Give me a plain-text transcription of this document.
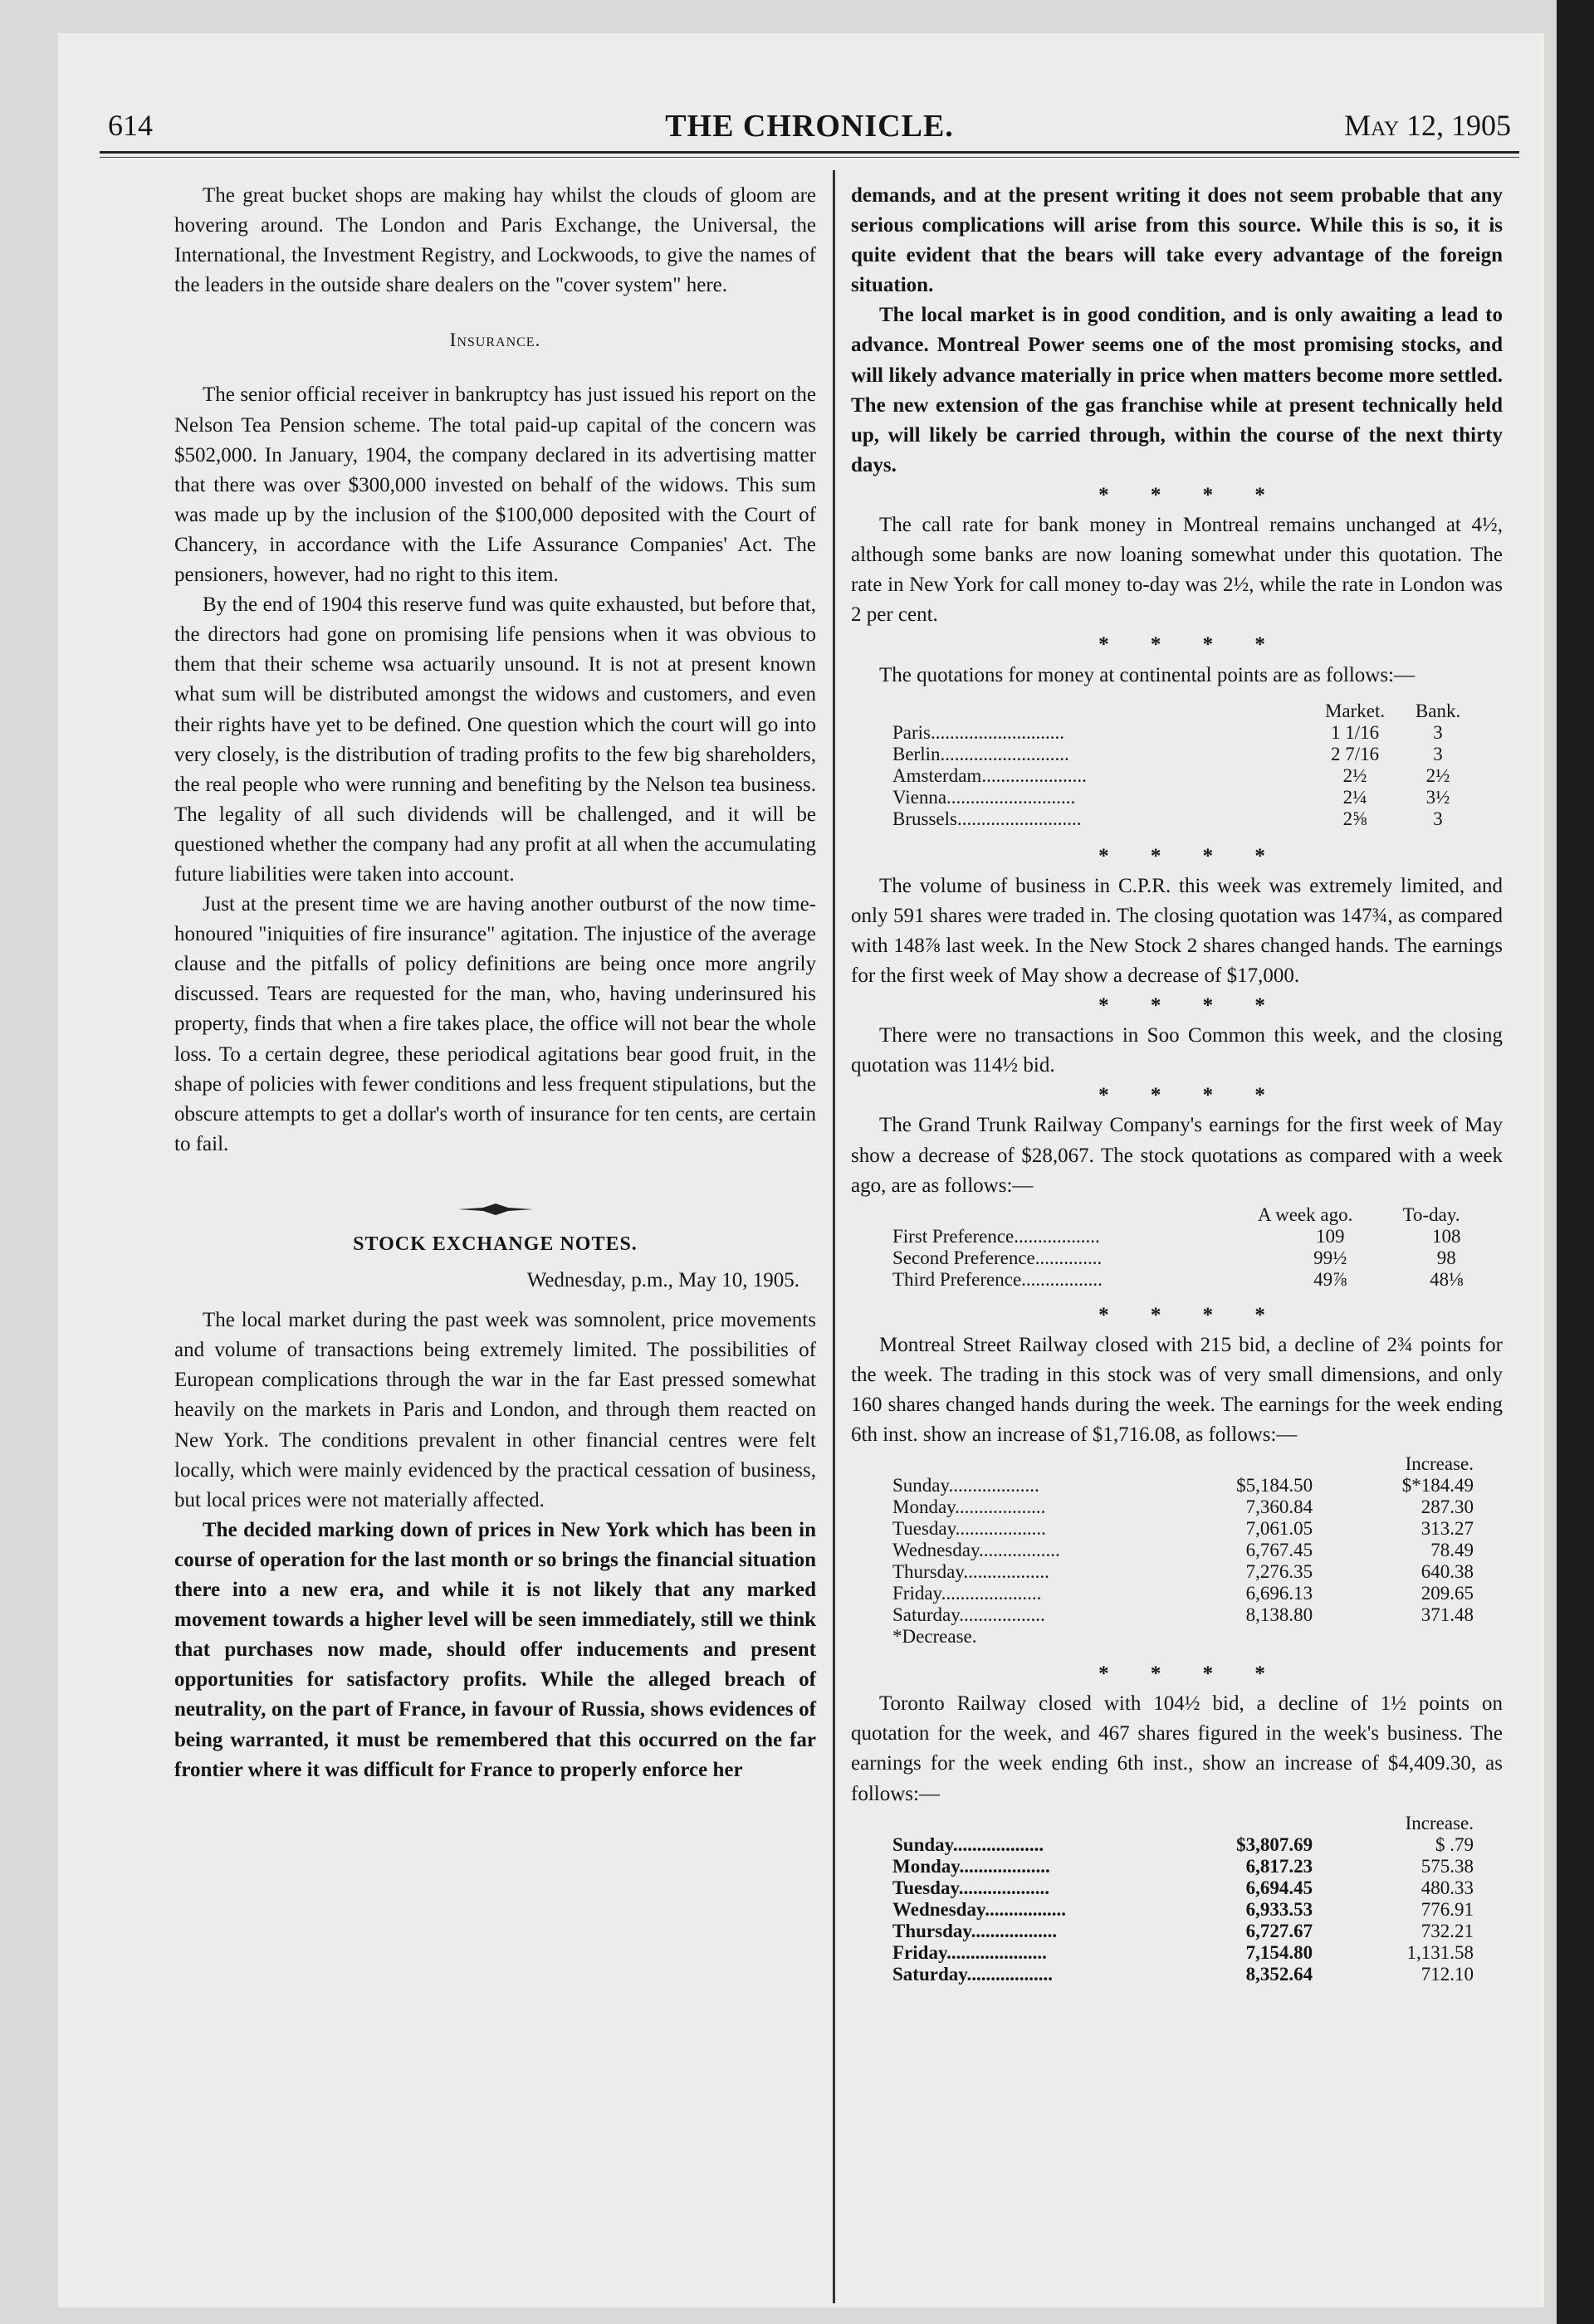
614	THE CHRONICLE.	May 12, 1905

The great bucket shops are making hay whilst the clouds of gloom are hovering around. The London and Paris Exchange, the Universal, the International, the Investment Registry, and Lockwoods, to give the names of the leaders in the outside share dealers on the "cover system" here.

Insurance.

The senior official receiver in bankruptcy has just issued his report on the Nelson Tea Pension scheme. The total paid-up capital of the concern was $502,000. In January, 1904, the company declared in its advertising matter that there was over $300,000 invested on behalf of the widows. This sum was made up by the inclusion of the $100,000 deposited with the Court of Chancery, in accordance with the Life Assurance Companies' Act. The pensioners, however, had no right to this item.

By the end of 1904 this reserve fund was quite exhausted, but before that, the directors had gone on promising life pensions when it was obvious to them that their scheme wsa actuarily unsound. It is not at present known what sum will be distributed amongst the widows and customers, and even their rights have yet to be defined. One question which the court will go into very closely, is the distribution of trading profits to the few big shareholders, the real people who were running and benefiting by the Nelson tea business. The legality of all such dividends will be challenged, and it will be questioned whether the company had any profit at all when the accumulating future liabilities were taken into account.

Just at the present time we are having another outburst of the now time-honoured "iniquities of fire insurance" agitation. The injustice of the average clause and the pitfalls of policy definitions are being once more angrily discussed. Tears are requested for the man, who, having underinsured his property, finds that when a fire takes place, the office will not bear the whole loss. To a certain degree, these periodical agitations bear good fruit, in the shape of policies with fewer conditions and less frequent stipulations, but the obscure attempts to get a dollar's worth of insurance for ten cents, are certain to fail.

STOCK EXCHANGE NOTES.
Wednesday, p.m., May 10, 1905.

The local market during the past week was somnolent, price movements and volume of transactions being extremely limited. The possibilities of European complications through the war in the far East pressed somewhat heavily on the markets in Paris and London, and through them reacted on New York. The conditions prevalent in other financial centres were felt locally, which were mainly evidenced by the practical cessation of business, but local prices were not materially affected.

The decided marking down of prices in New York which has been in course of operation for the last month or so brings the financial situation there into a new era, and while it is not likely that any marked movement towards a higher level will be seen immediately, still we think that purchases now made, should offer inducements and present opportunities for satisfactory profits. While the alleged breach of neutrality, on the part of France, in favour of Russia, shows evidences of being warranted, it must be remembered that this occurred on the far frontier where it was difficult for France to properly enforce her

demands, and at the present writing it does not seem probable that any serious complications will arise from this source. While this is so, it is quite evident that the bears will take every advantage of the foreign situation.

The local market is in good condition, and is only awaiting a lead to advance. Montreal Power seems one of the most promising stocks, and will likely advance materially in price when matters become more settled. The new extension of the gas franchise while at present technically held up, will likely be carried through, within the course of the next thirty days.

* * * *

The call rate for bank money in Montreal remains unchanged at 4½, although some banks are now loaning somewhat under this quotation. The rate in New York for call money to-day was 2½, while the rate in London was 2 per cent.

* * * *

The quotations for money at continental points are as follows:—

	Market.	Bank.
Paris............................	1 1/16	3
Berlin...........................	2 7/16	3
Amsterdam......................	2½	2½
Vienna...........................	2¼	3½
Brussels..........................	2⅝	3

* * * *

The volume of business in C.P.R. this week was extremely limited, and only 591 shares were traded in. The closing quotation was 147¾, as compared with 148⅞ last week. In the New Stock 2 shares changed hands. The earnings for the first week of May show a decrease of $17,000.

* * * *

There were no transactions in Soo Common this week, and the closing quotation was 114½ bid.

* * * *

The Grand Trunk Railway Company's earnings for the first week of May show a decrease of $28,067. The stock quotations as compared with a week ago, are as follows:—

	A week ago.	To-day.
First Preference..................	109	108
Second Preference..............	99½	98
Third Preference.................	49⅞	48⅛

* * * *

Montreal Street Railway closed with 215 bid, a decline of 2¾ points for the week. The trading in this stock was of very small dimensions, and only 160 shares changed hands during the week. The earnings for the week ending 6th inst. show an increase of $1,716.08, as follows:—

		Increase.
Sunday...................	$5,184.50	$*184.49
Monday...................	7,360.84	287.30
Tuesday...................	7,061.05	313.27
Wednesday.................	6,767.45	78.49
Thursday..................	7,276.35	640.38
Friday.....................	6,696.13	209.65
Saturday..................	8,138.80	371.48
*Decrease.		

* * * *

Toronto Railway closed with 104½ bid, a decline of 1½ points on quotation for the week, and 467 shares figured in the week's business. The earnings for the week ending 6th inst., show an increase of $4,409.30, as follows:—

		Increase.
Sunday...................	$3,807.69	$ .79
Monday...................	6,817.23	575.38
Tuesday...................	6,694.45	480.33
Wednesday.................	6,933.53	776.91
Thursday..................	6,727.67	732.21
Friday.....................	7,154.80	1,131.58
Saturday..................	8,352.64	712.10
